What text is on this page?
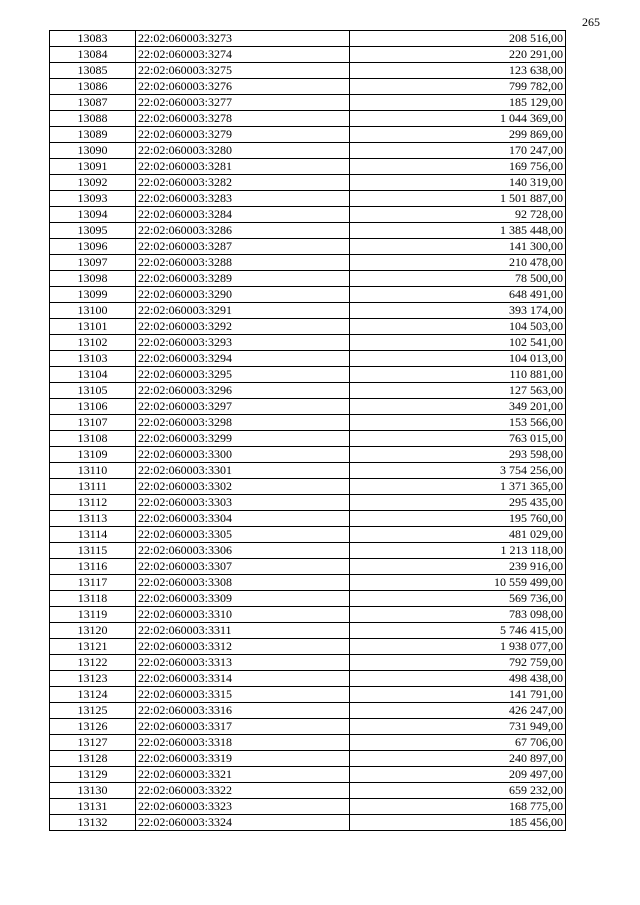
265
13083	22:02:060003:3273	208 516,00
13084	22:02:060003:3274	220 291,00
13085	22:02:060003:3275	123 638,00
13086	22:02:060003:3276	799 782,00
13087	22:02:060003:3277	185 129,00
13088	22:02:060003:3278	1 044 369,00
13089	22:02:060003:3279	299 869,00
13090	22:02:060003:3280	170 247,00
13091	22:02:060003:3281	169 756,00
13092	22:02:060003:3282	140 319,00
13093	22:02:060003:3283	1 501 887,00
13094	22:02:060003:3284	92 728,00
13095	22:02:060003:3286	1 385 448,00
13096	22:02:060003:3287	141 300,00
13097	22:02:060003:3288	210 478,00
13098	22:02:060003:3289	78 500,00
13099	22:02:060003:3290	648 491,00
13100	22:02:060003:3291	393 174,00
13101	22:02:060003:3292	104 503,00
13102	22:02:060003:3293	102 541,00
13103	22:02:060003:3294	104 013,00
13104	22:02:060003:3295	110 881,00
13105	22:02:060003:3296	127 563,00
13106	22:02:060003:3297	349 201,00
13107	22:02:060003:3298	153 566,00
13108	22:02:060003:3299	763 015,00
13109	22:02:060003:3300	293 598,00
13110	22:02:060003:3301	3 754 256,00
13111	22:02:060003:3302	1 371 365,00
13112	22:02:060003:3303	295 435,00
13113	22:02:060003:3304	195 760,00
13114	22:02:060003:3305	481 029,00
13115	22:02:060003:3306	1 213 118,00
13116	22:02:060003:3307	239 916,00
13117	22:02:060003:3308	10 559 499,00
13118	22:02:060003:3309	569 736,00
13119	22:02:060003:3310	783 098,00
13120	22:02:060003:3311	5 746 415,00
13121	22:02:060003:3312	1 938 077,00
13122	22:02:060003:3313	792 759,00
13123	22:02:060003:3314	498 438,00
13124	22:02:060003:3315	141 791,00
13125	22:02:060003:3316	426 247,00
13126	22:02:060003:3317	731 949,00
13127	22:02:060003:3318	67 706,00
13128	22:02:060003:3319	240 897,00
13129	22:02:060003:3321	209 497,00
13130	22:02:060003:3322	659 232,00
13131	22:02:060003:3323	168 775,00
13132	22:02:060003:3324	185 456,00
